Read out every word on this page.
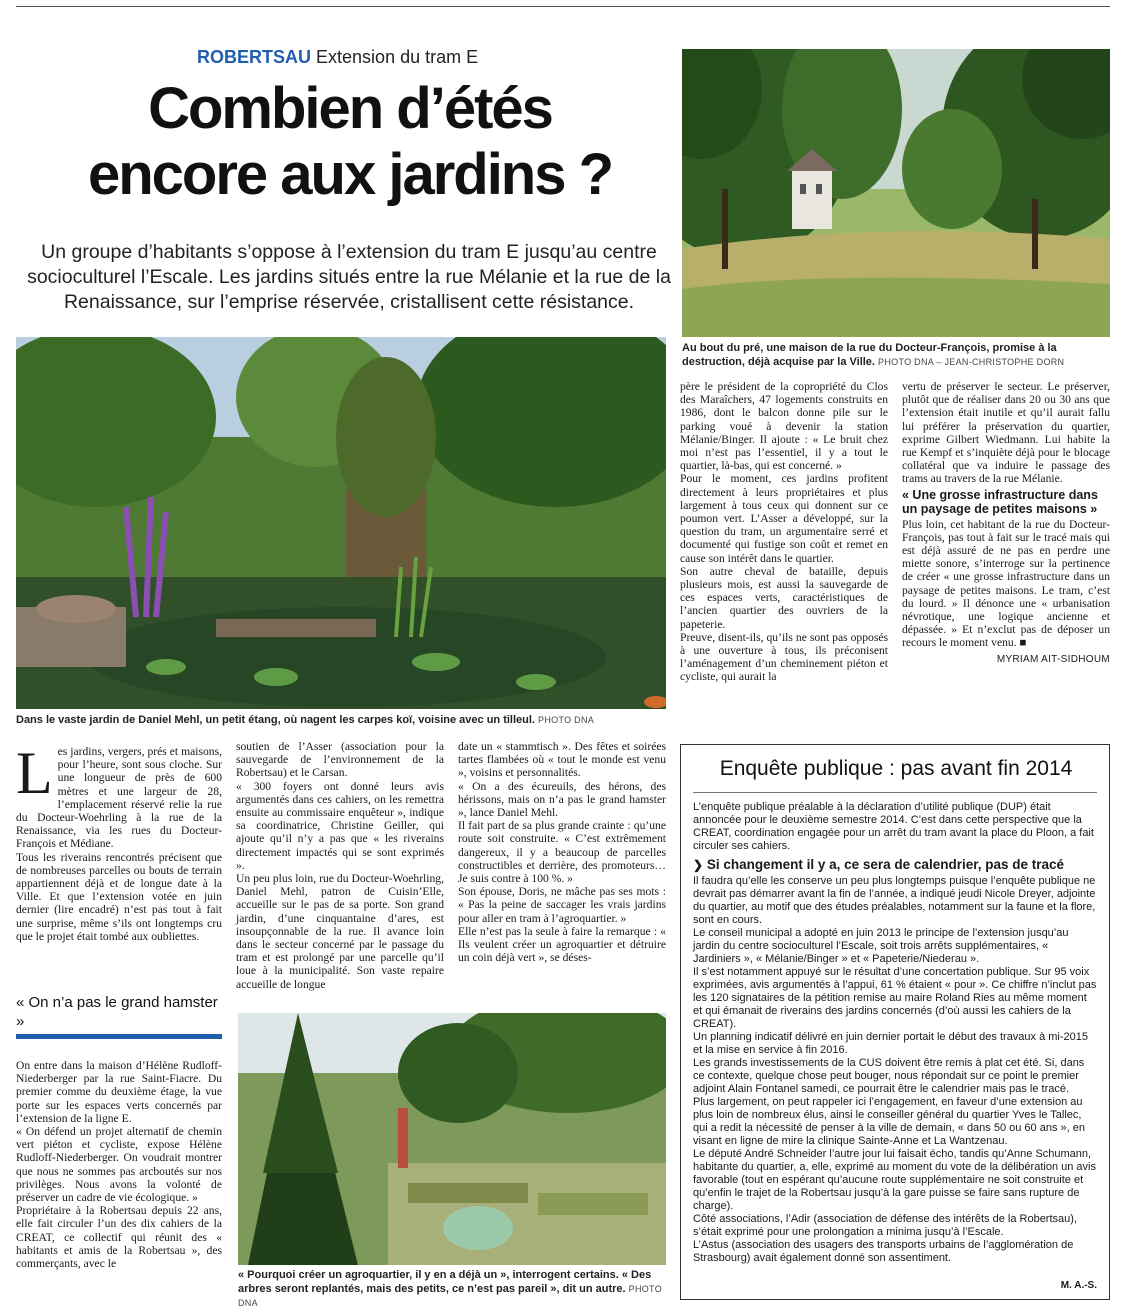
ROBERTSAU Extension du tram E
Combien d’étés
encore aux jardins ?
Un groupe d’habitants s’oppose à l’extension du tram E jusqu’au centre socioculturel l’Escale. Les jardins situés entre la rue Mélanie et la rue de la Renaissance, sur l’emprise réservée, cristallisent cette résistance.
Au bout du pré, une maison de la rue du Docteur-François, promise à la destruction, déjà acquise par la Ville. PHOTO DNA – JEAN-CHRISTOPHE DORN
Dans le vaste jardin de Daniel Mehl, un petit étang, où nagent les carpes koï, voisine avec un tilleul. PHOTO DNA
L es jardins, vergers, prés et maisons, pour l’heure, sont sous cloche. Sur une longueur de près de 600 mètres et une largeur de 28, l’emplacement réservé relie la rue du Docteur-Woehrling à la rue de la Renaissance, via les rues du Docteur-François et Médiane.

Tous les riverains rencontrés précisent que de nombreuses parcelles ou bouts de terrain appartiennent déjà et de longue date à la Ville. Et que l’extension votée en juin dernier (lire encadré) n’est pas tout à fait une surprise, même s’ils ont longtemps cru que le projet était tombé aux oubliettes.

« On n’a pas le grand hamster »

On entre dans la maison d’Hélène Rudloff-Niederberger par la rue Saint-Fiacre. Du premier comme du deuxième étage, la vue porte sur les espaces verts concernés par l’extension de la ligne E.

« On défend un projet alternatif de chemin vert piéton et cycliste, expose Hélène Rudloff-Niederberger. On voudrait montrer que nous ne sommes pas arcboutés sur nos privilèges. Nous avons la volonté de préserver un cadre de vie écologique. »

Propriétaire à la Robertsau depuis 22 ans, elle fait circuler l’un des dix cahiers de la CREAT, ce collectif qui réunit des « habitants et amis de la Robertsau », des commerçants, avec le

soutien de l’Asser (association pour la sauvegarde de l’environnement de la Robertsau) et le Carsan.

« 300 foyers ont donné leurs avis argumentés dans ces cahiers, on les remettra ensuite au commissaire enquêteur », indique sa coordinatrice, Christine Geiller, qui ajoute qu’il n’y a pas que « les riverains directement impactés qui se sont exprimés ».

Un peu plus loin, rue du Docteur-Woehrling, Daniel Mehl, patron de Cuisin’Elle, accueille sur le pas de sa porte. Son grand jardin, d’une cinquantaine d’ares, est insoupçonnable de la rue. Il avance loin dans le secteur concerné par le passage du tram et est prolongé par une parcelle qu’il loue à la municipalité. Son vaste repaire accueille de longue

date un « stammtisch ». Des fêtes et soirées tartes flambées où « tout le monde est venu », voisins et personnalités.

« On a des écureuils, des hérons, des hérissons, mais on n’a pas le grand hamster », lance Daniel Mehl.

Il fait part de sa plus grande crainte : qu’une route soit construite. « C’est extrêmement dangereux, il y a beaucoup de parcelles constructibles et derrière, des promoteurs… Je suis contre à 100 %. »

Son épouse, Doris, ne mâche pas ses mots : « Pas la peine de saccager les vrais jardins pour aller en tram à l’agroquartier. »

Elle n’est pas la seule à faire la remarque : « Ils veulent créer un agroquartier et détruire un coin déjà vert », se déses-

« Pourquoi créer un agroquartier, il y en a déjà un », interrogent certains. « Des arbres seront replantés, mais des petits, ce n’est pas pareil », dit un autre. PHOTO DNA

père le président de la copropriété du Clos des Maraîchers, 47 logements construits en 1986, dont le balcon donne pile sur le parking voué à devenir la station Mélanie/Binger. Il ajoute : « Le bruit chez moi n’est pas l’essentiel, il y a tout le quartier, là-bas, qui est concerné. »

Pour le moment, ces jardins profitent directement à leurs propriétaires et plus largement à tous ceux qui donnent sur ce poumon vert. L’Asser a développé, sur la question du tram, un argumentaire serré et documenté qui fustige son coût et remet en cause son intérêt dans le quartier.

Son autre cheval de bataille, depuis plusieurs mois, est aussi la sauvegarde de ces espaces verts, caractéristiques de l’ancien quartier des ouvriers de la papeterie.

Preuve, disent-ils, qu’ils ne sont pas opposés à une ouverture à tous, ils préconisent l’aménagement d’un cheminement piéton et cycliste, qui aurait la

vertu de préserver le secteur. Le préserver, plutôt que de réaliser dans 20 ou 30 ans que l’extension était inutile et qu’il aurait fallu lui préférer la préservation du quartier, exprime Gilbert Wiedmann. Lui habite la rue Kempf et s’inquiète déjà pour le blocage collatéral que va induire le passage des trams au travers de la rue Mélanie.

« Une grosse infrastructure dans un paysage de petites maisons »

Plus loin, cet habitant de la rue du Docteur-François, pas tout à fait sur le tracé mais qui est déjà assuré de ne pas en perdre une miette sonore, s’interroge sur la pertinence de créer « une grosse infrastructure dans un paysage de petites maisons. Le tram, c’est du lourd. » Il dénonce une « urbanisation névrotique, une logique ancienne et dépassée. » Et n’exclut pas de déposer un recours le moment venu. ■

MYRIAM AIT-SIDHOUM
Enquête publique : pas avant fin 2014

L’enquête publique préalable à la déclaration d’utilité publique (DUP) était annoncée pour le deuxième semestre 2014. C’est dans cette perspective que la CREAT, coordination engagée pour un arrêt du tram avant la place du Ploon, a fait circuler ses cahiers.

❯ Si changement il y a, ce sera de calendrier, pas de tracé

Il faudra qu’elle les conserve un peu plus longtemps puisque l’enquête publique ne devrait pas démarrer avant la fin de l’année, a indiqué jeudi Nicole Dreyer, adjointe du quartier, au motif que des études préalables, notamment sur la faune et la flore, sont en cours.

Le conseil municipal a adopté en juin 2013 le principe de l’extension jusqu’au jardin du centre socioculturel l’Escale, soit trois arrêts supplémentaires, « Jardiniers », « Mélanie/Binger » et « Papeterie/Niederau ».

Il s’est notamment appuyé sur le résultat d’une concertation publique. Sur 95 voix exprimées, avis argumentés à l’appui, 61 % étaient « pour ». Ce chiffre n’inclut pas les 120 signataires de la pétition remise au maire Roland Ries au même moment et qui émanait de riverains des jardins concernés (d’où aussi les cahiers de la CREAT).

Un planning indicatif délivré en juin dernier portait le début des travaux à mi-2015 et la mise en service à fin 2016.

Les grands investissements de la CUS doivent être remis à plat cet été. Si, dans ce contexte, quelque chose peut bouger, nous répondait sur ce point le premier adjoint Alain Fontanel samedi, ce pourrait être le calendrier mais pas le tracé.

Plus largement, on peut rappeler ici l’engagement, en faveur d’une extension au plus loin de nombreux élus, ainsi le conseiller général du quartier Yves le Tallec, qui a redit la nécessité de penser à la ville de demain, « dans 50 ou 60 ans », en visant en ligne de mire la clinique Sainte-Anne et La Wantzenau.

Le député André Schneider l’autre jour lui faisait écho, tandis qu’Anne Schumann, habitante du quartier, a, elle, exprimé au moment du vote de la délibération un avis favorable (tout en espérant qu’aucune route supplémentaire ne soit construite et qu’enfin le trajet de la Robertsau jusqu’à la gare puisse se faire sans rupture de charge).

Côté associations, l’Adir (association de défense des intérêts de la Robertsau), s’était exprimé pour une prolongation a minima jusqu’à l’Escale.

L’Astus (association des usagers des transports urbains de l’agglomération de Strasbourg) avait également donné son assentiment.

M. A.-S.
